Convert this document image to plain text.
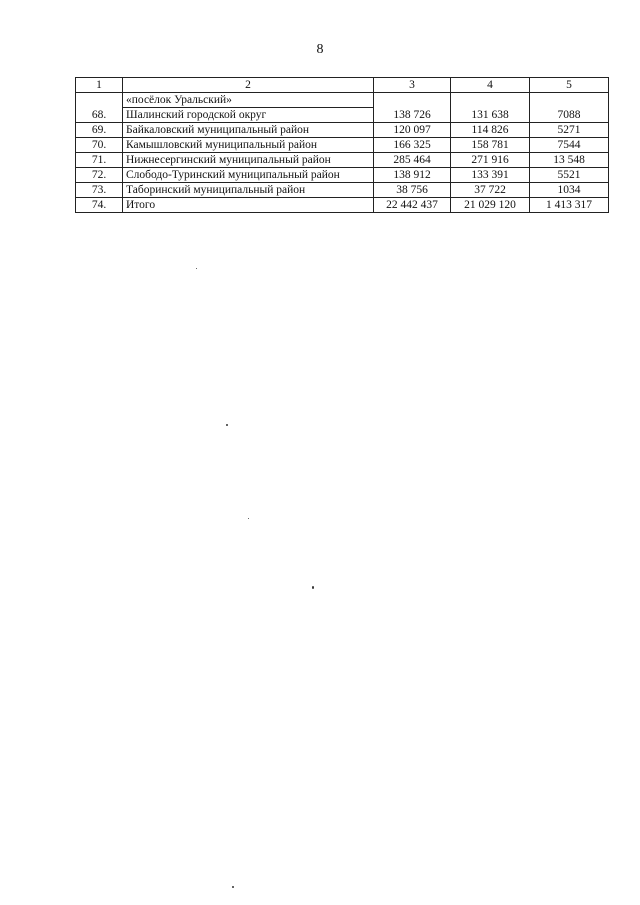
8
1	2	3	4	5
	«посёлок Уральский»			
68.	Шалинский городской округ	138 726	131 638	7088
69.	Байкаловский муниципальный район	120 097	114 826	5271
70.	Камышловский муниципальный район	166 325	158 781	7544
71.	Нижнесергинский муниципальный район	285 464	271 916	13 548
72.	Слободо-Туринский муниципальный район	138 912	133 391	5521
73.	Таборинский муниципальный район	38 756	37 722	1034
74.	Итого	22 442 437	21 029 120	1 413 317
